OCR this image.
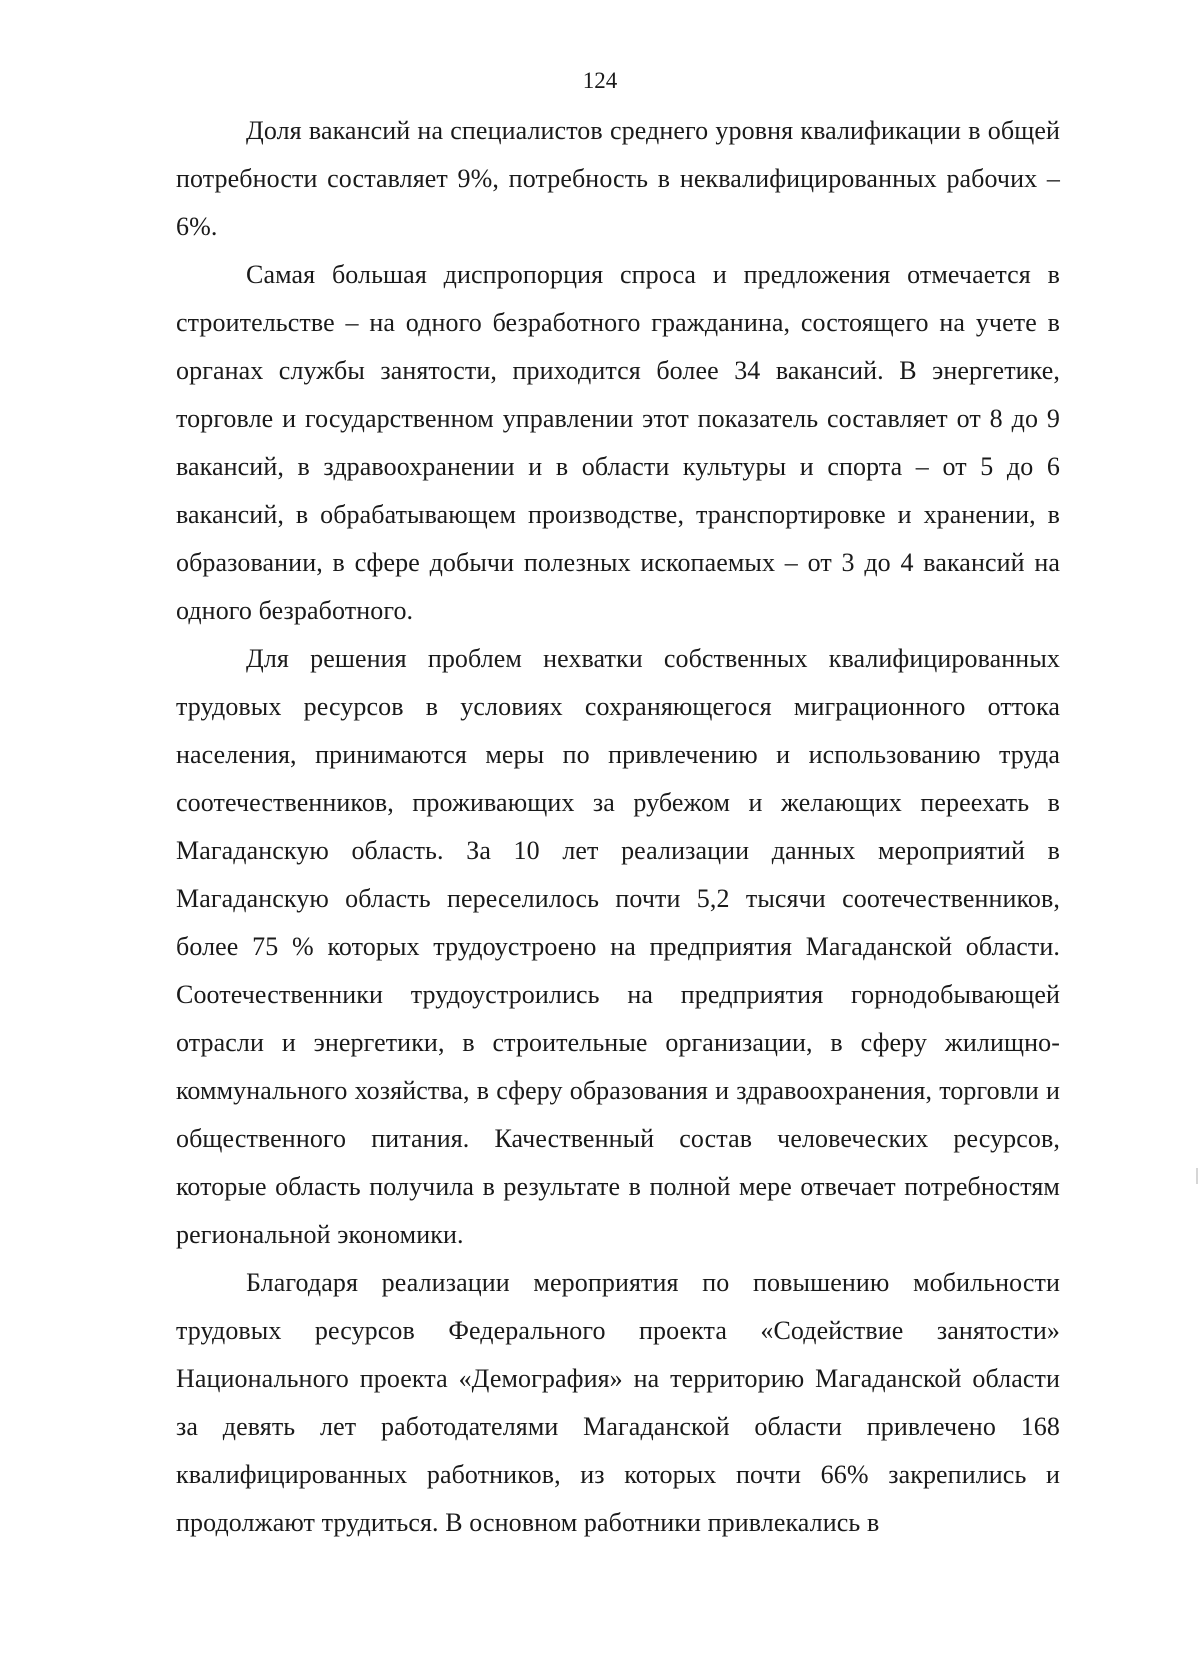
124

Доля вакансий на специалистов среднего уровня квалификации в общей потребности составляет 9%, потребность в неквалифицированных рабочих – 6%.

Самая большая диспропорция спроса и предложения отмечается в строительстве – на одного безработного гражданина, состоящего на учете в органах службы занятости, приходится более 34 вакансий. В энергетике, торговле и государственном управлении этот показатель составляет от 8 до 9 вакансий, в здравоохранении и в области культуры и спорта – от 5 до 6 вакансий, в обрабатывающем производстве, транспортировке и хранении, в образовании, в сфере добычи полезных ископаемых – от 3 до 4 вакансий на одного безработного.

Для решения проблем нехватки собственных квалифицированных трудовых ресурсов в условиях сохраняющегося миграционного оттока населения, принимаются меры по привлечению и использованию труда соотечественников, проживающих за рубежом и желающих переехать в Магаданскую область. За 10 лет реализации данных мероприятий в Магаданскую область переселилось почти 5,2 тысячи соотечественников, более 75 % которых трудоустроено на предприятия Магаданской области. Соотечественники трудоустроились на предприятия горнодобывающей отрасли и энергетики, в строительные организации, в сферу жилищно-коммунального хозяйства, в сферу образования и здравоохранения, торговли и общественного питания. Качественный состав человеческих ресурсов, которые область получила в результате в полной мере отвечает потребностям региональной экономики.

Благодаря реализации мероприятия по повышению мобильности трудовых ресурсов Федерального проекта «Содействие занятости» Национального проекта «Демография» на территорию Магаданской области за девять лет работодателями Магаданской области привлечено 168 квалифицированных работников, из которых почти 66% закрепились и продолжают трудиться. В основном работники привлекались в
